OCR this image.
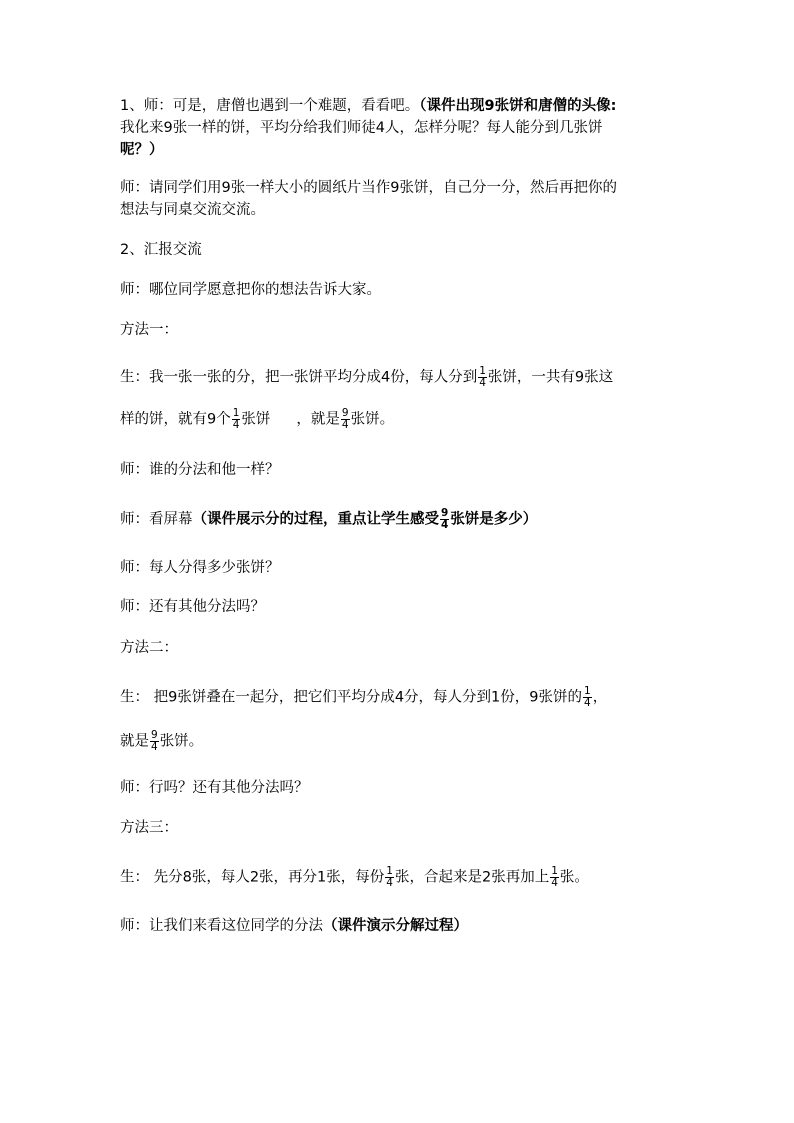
1、师：可是，唐僧也遇到一个难题，看看吧。（课件出现9张饼和唐僧的头像:
我化来9张一样的饼，平均分给我们师徒4人，怎样分呢？每人能分到几张饼
呢？）
师：请同学们用9张一样大小的圆纸片当作9张饼，自己分一分，然后再把你的
想法与同桌交流交流。
2、汇报交流
师：哪位同学愿意把你的想法告诉大家。
方法一：
生：我一张一张的分，把一张饼平均分成4份，每人分到 $\frac{1}{4}$ 张饼，一共有9张这
样的饼，就有9个 $\frac{1}{4}$ 张饼 ，就是 $\frac{9}{4}$ 张饼。
师：谁的分法和他一样？
师：看屏幕（课件展示分的过程，重点让学生感受 $\frac{9}{4}$ 张饼是多少）
师：每人分得多少张饼？
师：还有其他分法吗？
方法二：
生： 把9张饼叠在一起分，把它们平均分成4分，每人分到1份，9张饼的 $\frac{1}{4}$ ，
就是 $\frac{9}{4}$ 张饼。
师：行吗？还有其他分法吗？
方法三：
生： 先分8张，每人2张，再分1张，每份 $\frac{1}{4}$ 张，合起来是2张再加上 $\frac{1}{4}$ 张。
师：让我们来看这位同学的分法（课件演示分解过程）
